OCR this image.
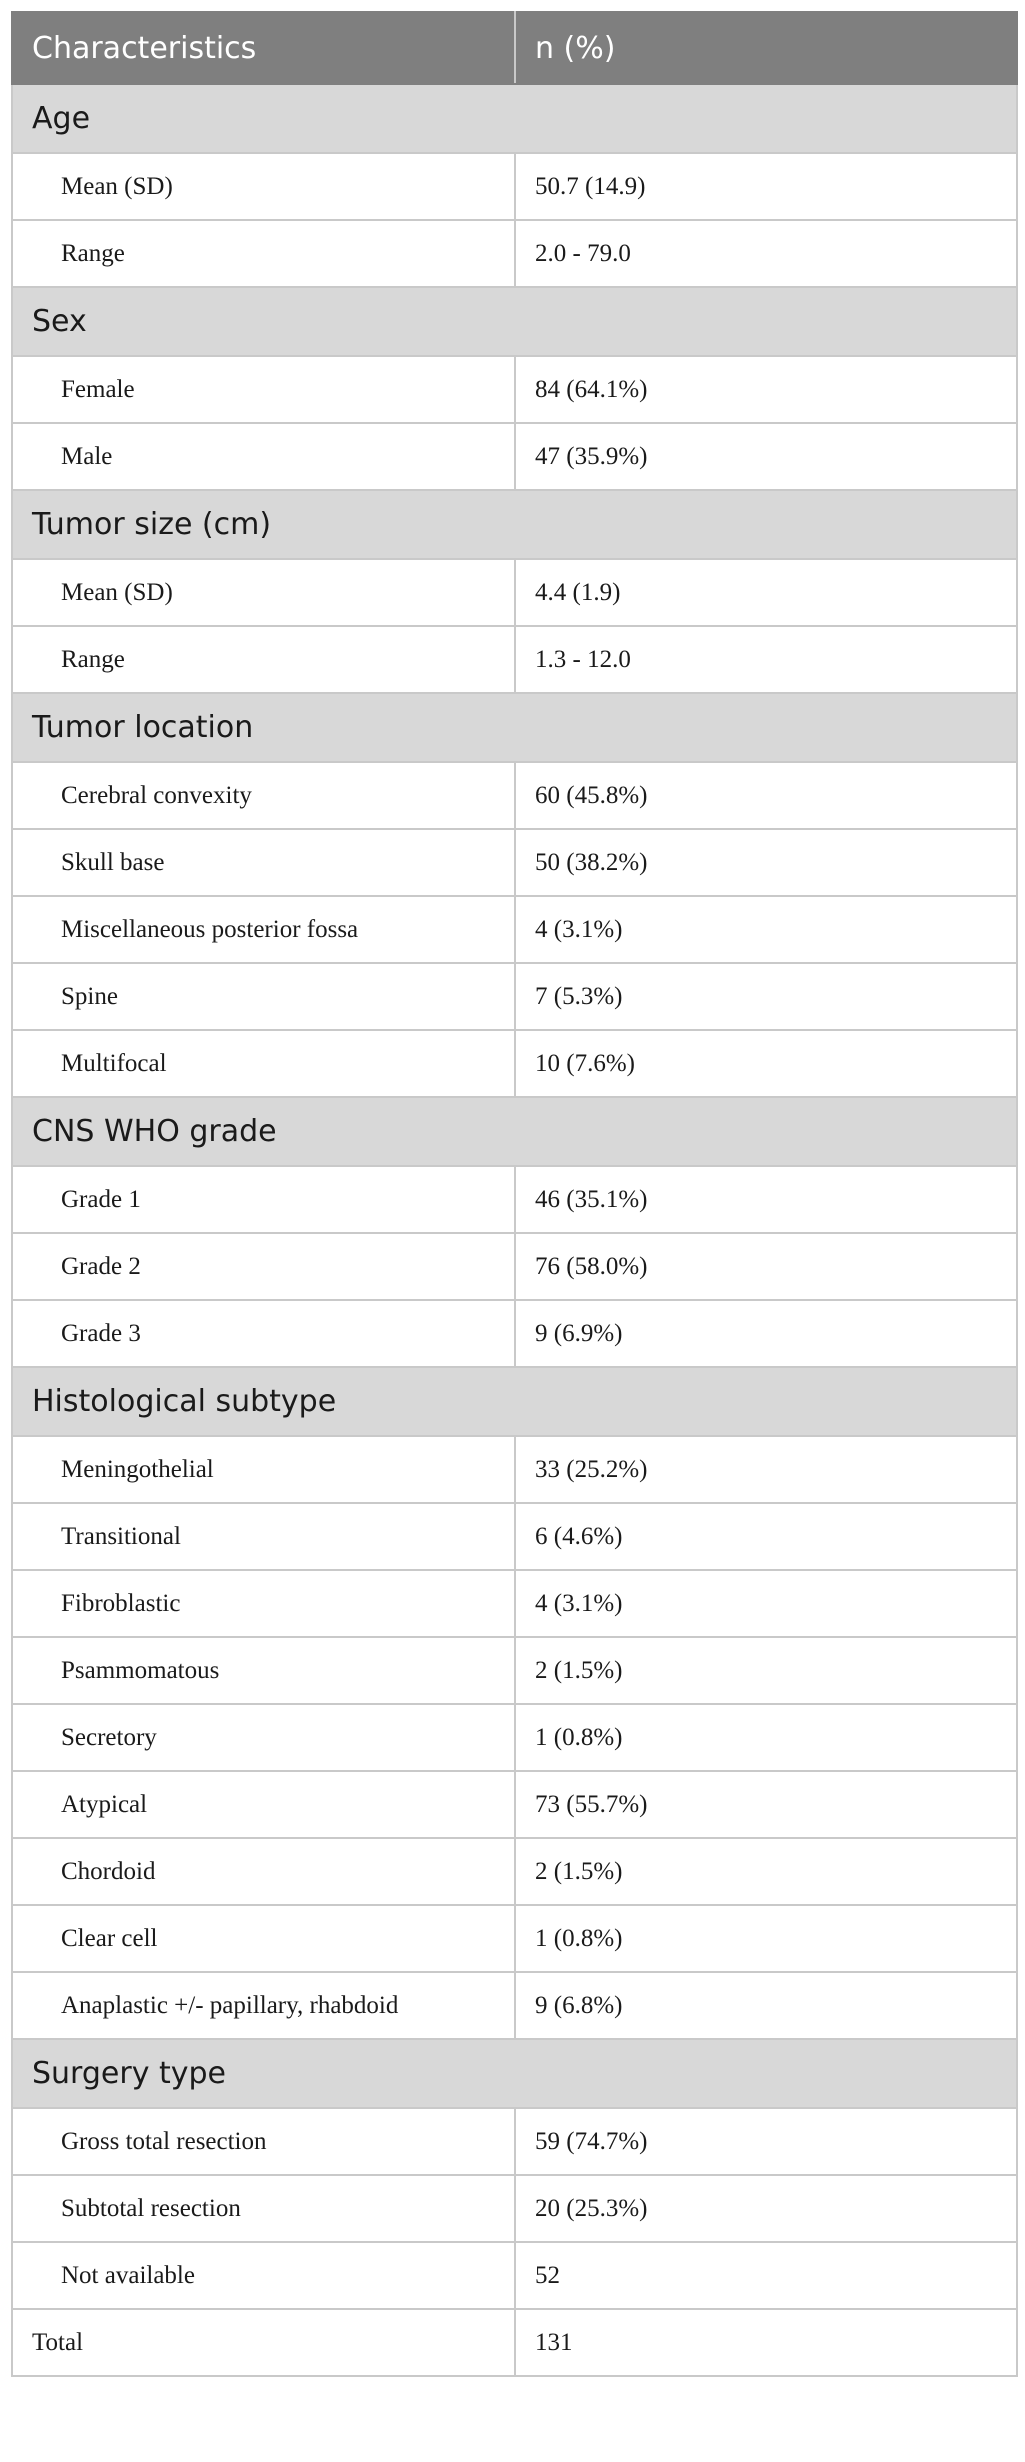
Characteristics	n (%)
Age	
Mean (SD)	50.7 (14.9)
Range	2.0 - 79.0
Sex	
Female	84 (64.1%)
Male	47 (35.9%)
Tumor size (cm)	
Mean (SD)	4.4 (1.9)
Range	1.3 - 12.0
Tumor location	
Cerebral convexity	60 (45.8%)
Skull base	50 (38.2%)
Miscellaneous posterior fossa	4 (3.1%)
Spine	7 (5.3%)
Multifocal	10 (7.6%)
CNS WHO grade	
Grade 1	46 (35.1%)
Grade 2	76 (58.0%)
Grade 3	9 (6.9%)
Histological subtype	
Meningothelial	33 (25.2%)
Transitional	6 (4.6%)
Fibroblastic	4 (3.1%)
Psammomatous	2 (1.5%)
Secretory	1 (0.8%)
Atypical	73 (55.7%)
Chordoid	2 (1.5%)
Clear cell	1 (0.8%)
Anaplastic +/- papillary, rhabdoid	9 (6.8%)
Surgery type	
Gross total resection	59 (74.7%)
Subtotal resection	20 (25.3%)
Not available	52
Total	131
